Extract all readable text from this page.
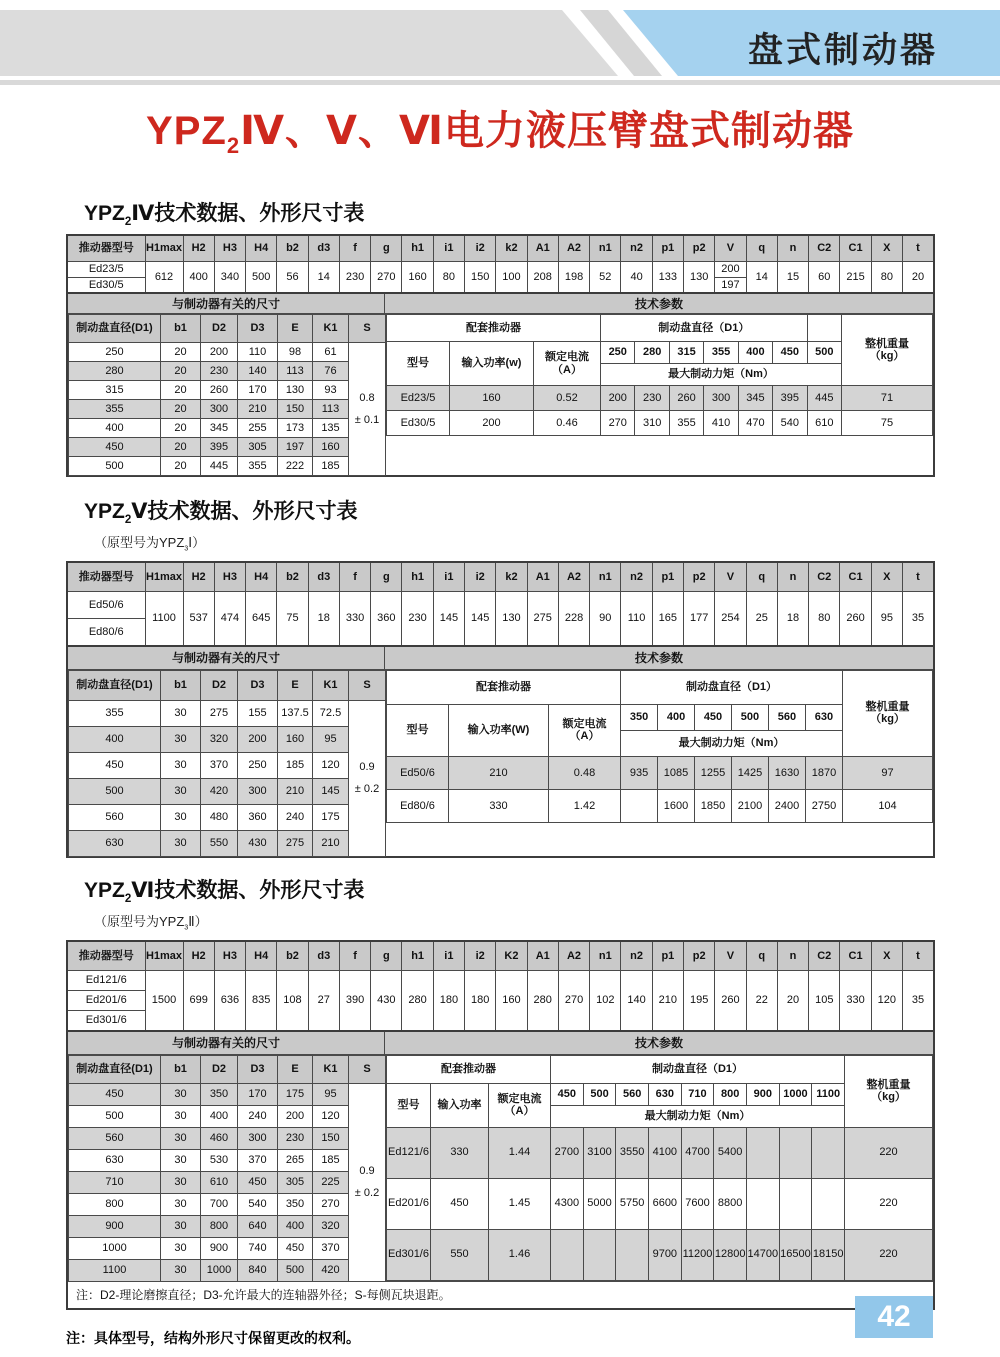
盘式制动器
$YPZ_2Ⅳ$、Ⅴ、Ⅵ电力液压臂盘式制动器
$YPZ_2Ⅳ$技术数据、外形尺寸表
推动器型号	H1max	H2	H3	H4	b2	d3	f	g	h1	i1	i2	k2	A1	A2	n1	n2	p1	p2	V	q	n	C2	C1	X	t
Ed23/5	612	400	340	500	56	14	230	270	160	80	150	100	208	198	52	40	133	130	200	14	15	60	215	80	20
Ed30/5																			197						
与制动器有关的尺寸	技术参数
制动盘直径(D1)	b1	D2	D3	E	K1	S
250	20	200	110	98	61	0.8
± 0.1
280	20	230	140	113	76	
315	20	260	170	130	93	
355	20	300	210	150	113	
400	20	345	255	173	135	
450	20	395	305	197	160	
500	20	445	355	222	185	
配套推动器			制动盘直径（D1）							整机重量
（kg）
型号	输入功率(w)	额定电流
（A）	250	280	315	355	400	450	500	
			最大制动力矩（Nm）							
Ed23/5	160	0.52	200	230	260	300	345	395	445	71
Ed30/5	200	0.46	270	310	355	410	470	540	610	75
$YPZ_2Ⅴ$技术数据、外形尺寸表
（原型号为$YPZ_3Ⅰ$）
推动器型号	H1max	H2	H3	H4	b2	d3	f	g	h1	i1	i2	k2	A1	A2	n1	n2	p1	p2	V	q	n	C2	C1	X	t
Ed50/6	1100	537	474	645	75	18	330	360	230	145	145	130	275	228	90	110	165	177	254	25	18	80	260	95	35
Ed80/6																									
与制动器有关的尺寸	技术参数
制动盘直径(D1)	b1	D2	D3	E	K1	S
355	30	275	155	137.5	72.5	0.9
± 0.2
400	30	320	200	160	95	
450	30	370	250	185	120	
500	30	420	300	210	145	
560	30	480	360	240	175	
630	30	550	430	275	210	
配套推动器			制动盘直径（D1）						整机重量
（kg）
型号	输入功率(W)	额定电流
（A）	350	400	450	500	560	630	
			最大制动力矩（Nm）						
Ed50/6	210	0.48	935	1085	1255	1425	1630	1870	97
Ed80/6	330	1.42		1600	1850	2100	2400	2750	104
$YPZ_2Ⅵ$技术数据、外形尺寸表
（原型号为$YPZ_3Ⅱ$）
推动器型号	H1max	H2	H3	H4	b2	d3	f	g	h1	i1	i2	K2	A1	A2	n1	n2	p1	p2	V	q	n	C2	C1	X	t
Ed121/6	1500	699	636	835	108	27	390	430	280	180	180	160	280	270	102	140	210	195	260	22	20	105	330	120	35
Ed201/6																									
Ed301/6																									
与制动器有关的尺寸	技术参数
制动盘直径(D1)	b1	D2	D3	E	K1	S
450	30	350	170	175	95	0.9
± 0.2
500	30	400	240	200	120	
560	30	460	300	230	150	
630	30	530	370	265	185	
710	30	610	450	305	225	
800	30	700	540	350	270	
900	30	800	640	400	320	
1000	30	900	740	450	370	
1100	30	1000	840	500	420	
配套推动器			制动盘直径（D1）									整机重量
（kg）
型号	输入功率	额定电流
（A）	450	500	560	630	710	800	900	1000	1100	
			最大制动力矩（Nm）									
Ed121/6	330	1.44	2700	3100	3550	4100	4700	5400				220
Ed201/6	450	1.45	4300	5000	5750	6600	7600	8800				220
Ed301/6	550	1.46				9700	11200	12800	14700	16500	18150	220
注：D2-理论磨擦直径；D3-允许最大的连轴器外径；S-每侧瓦块退距。
注：具体型号，结构外形尺寸保留更改的权利。
42
